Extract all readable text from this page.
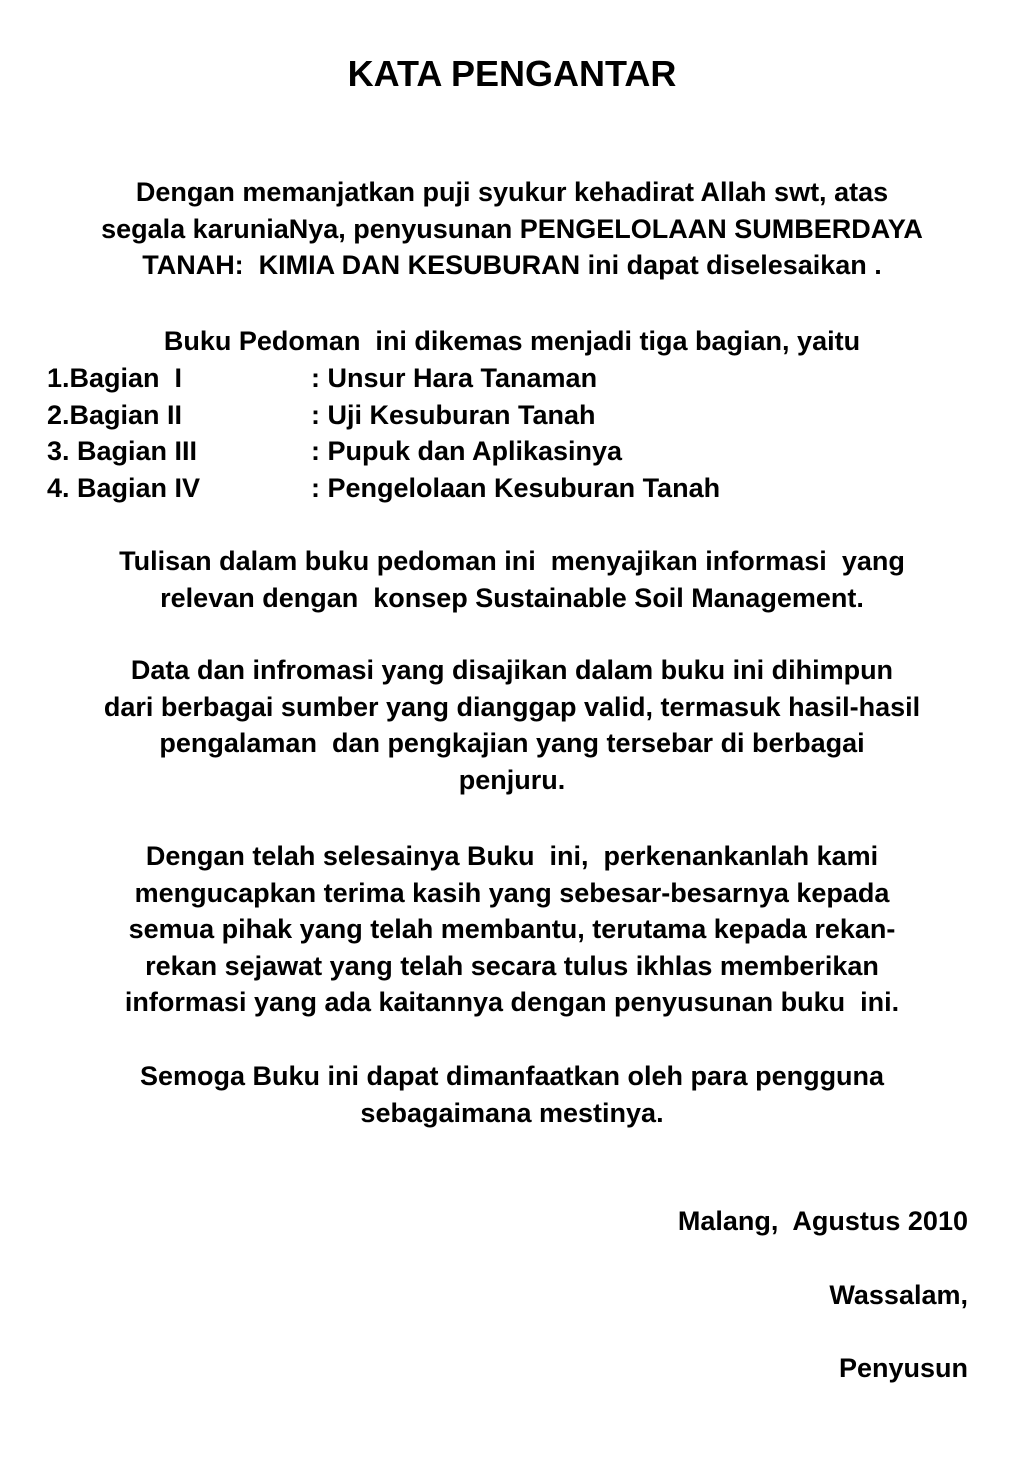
KATA PENGANTAR

Dengan memanjatkan puji syukur kehadirat Allah swt, atas
segala karuniaNya, penyusunan PENGELOLAAN SUMBERDAYA
TANAH:  KIMIA DAN KESUBURAN ini dapat diselesaikan .

Buku Pedoman  ini dikemas menjadi tiga bagian, yaitu

1.Bagian  I	: Unsur Hara Tanaman
2.Bagian II	: Uji Kesuburan Tanah
3. Bagian III	: Pupuk dan Aplikasinya
4. Bagian IV	: Pengelolaan Kesuburan Tanah

Tulisan dalam buku pedoman ini  menyajikan informasi  yang
relevan dengan  konsep Sustainable Soil Management.

Data dan infromasi yang disajikan dalam buku ini dihimpun
dari berbagai sumber yang dianggap valid, termasuk hasil-hasil
pengalaman  dan pengkajian yang tersebar di berbagai
penjuru.

Dengan telah selesainya Buku  ini,  perkenankanlah kami
mengucapkan terima kasih yang sebesar-besarnya kepada
semua pihak yang telah membantu, terutama kepada rekan-
rekan sejawat yang telah secara tulus ikhlas memberikan
informasi yang ada kaitannya dengan penyusunan buku  ini.

Semoga Buku ini dapat dimanfaatkan oleh para pengguna
sebagaimana mestinya.

Malang,  Agustus 2010
Wassalam,
Penyusun
